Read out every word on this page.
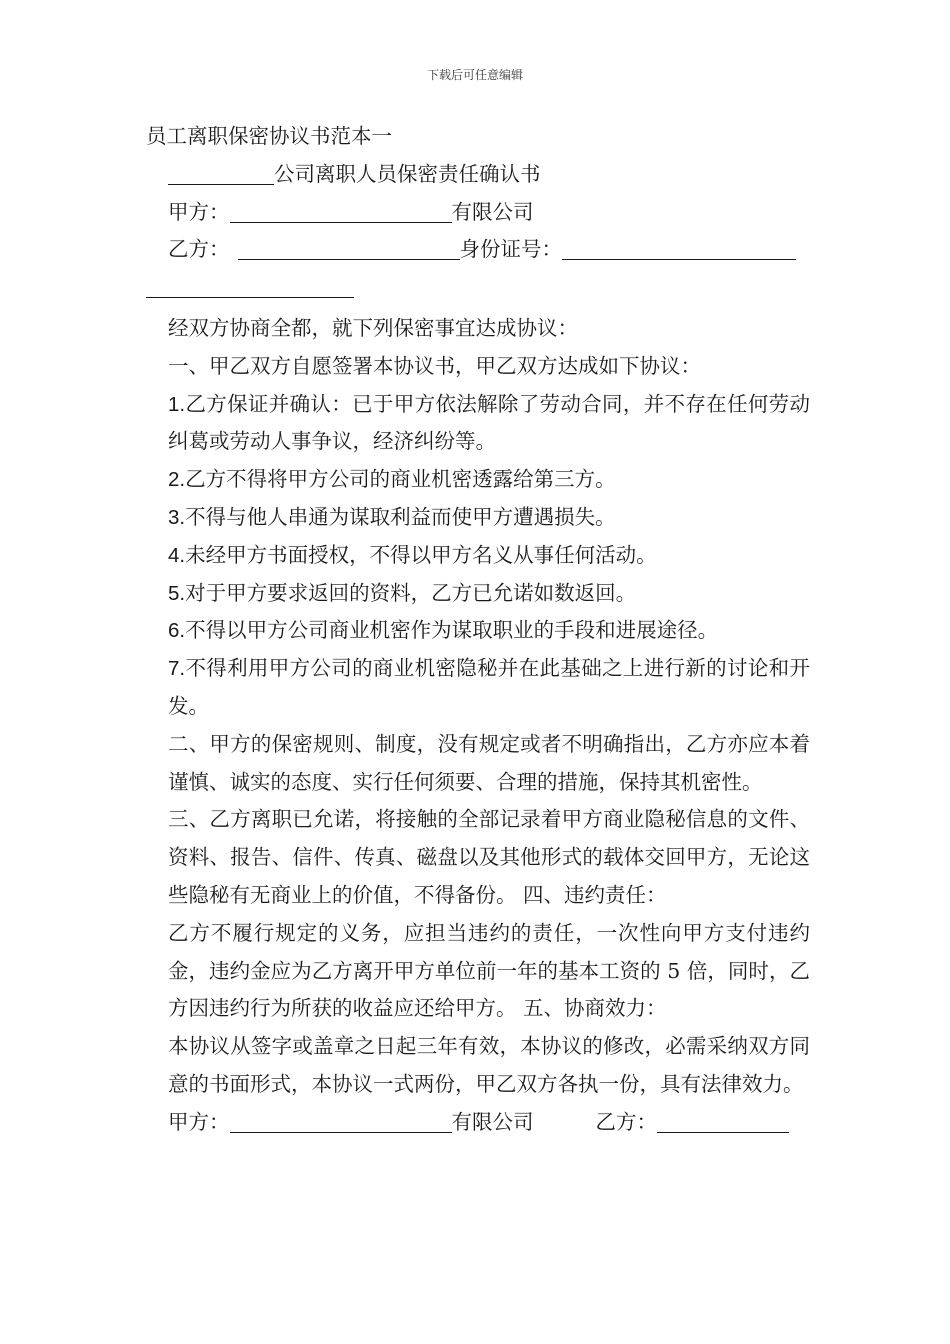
下载后可任意编辑
员工离职保密协议书范本一
公司离职人员保密责任确认书
甲方：	有限公司
乙方：	身份证号：
经双方协商全都，就下列保密事宜达成协议：
一、甲乙双方自愿签署本协议书，甲乙双方达成如下协议：
1.乙方保证并确认：已于甲方依法解除了劳动合同，并不存在任何劳动纠葛或劳动人事争议，经济纠纷等。
2.乙方不得将甲方公司的商业机密透露给第三方。
3.不得与他人串通为谋取利益而使甲方遭遇损失。
4.未经甲方书面授权，不得以甲方名义从事任何活动。
5.对于甲方要求返回的资料，乙方已允诺如数返回。
6.不得以甲方公司商业机密作为谋取职业的手段和进展途径。
7.不得利用甲方公司的商业机密隐秘并在此基础之上进行新的讨论和开发。
二、甲方的保密规则、制度，没有规定或者不明确指出，乙方亦应本着谨慎、诚实的态度、实行任何须要、合理的措施，保持其机密性。
三、乙方离职已允诺，将接触的全部记录着甲方商业隐秘信息的文件、资料、报告、信件、传真、磁盘以及其他形式的载体交回甲方，无论这些隐秘有无商业上的价值，不得备份。 四、违约责任：
乙方不履行规定的义务，应担当违约的责任，一次性向甲方支付违约金，违约金应为乙方离开甲方单位前一年的基本工资的 5 倍，同时，乙方因违约行为所获的收益应还给甲方。 五、协商效力：
本协议从签字或盖章之日起三年有效，本协议的修改，必需采纳双方同意的书面形式，本协议一式两份，甲乙双方各执一份，具有法律效力。
甲方：	有限公司	乙方：
